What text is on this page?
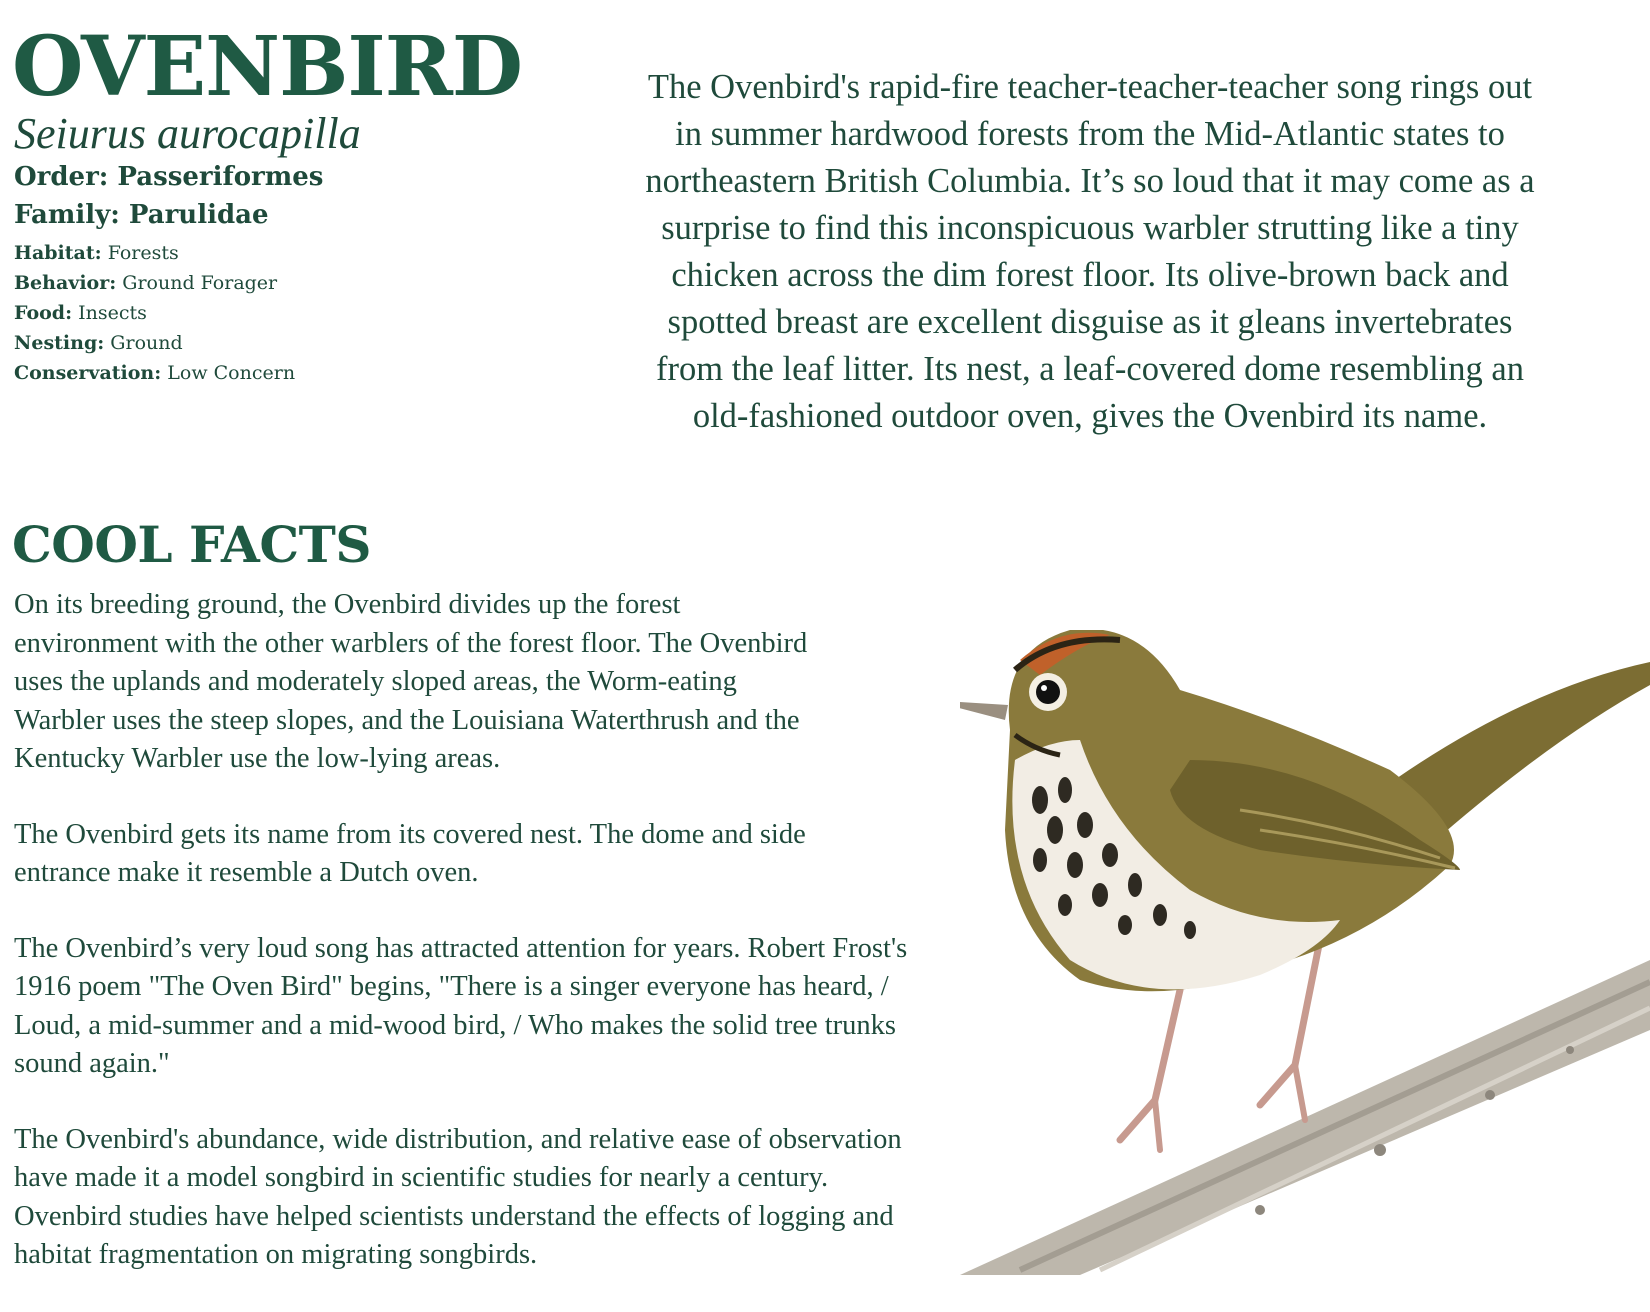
OVENBIRD
Seiurus aurocapilla
Order: Passeriformes
Family: Parulidae
Habitat: Forests
Behavior: Ground Forager
Food: Insects
Nesting: Ground
Conservation: Low Concern

The Ovenbird's rapid-fire teacher-teacher-teacher song rings out
in summer hardwood forests from the Mid-Atlantic states to
northeastern British Columbia. It’s so loud that it may come as a
surprise to find this inconspicuous warbler strutting like a tiny
chicken across the dim forest floor. Its olive-brown back and
spotted breast are excellent disguise as it gleans invertebrates
from the leaf litter. Its nest, a leaf-covered dome resembling an
old-fashioned outdoor oven, gives the Ovenbird its name.

COOL FACTS

On its breeding ground, the Ovenbird divides up the forest
environment with the other warblers of the forest floor. The Ovenbird
uses the uplands and moderately sloped areas, the Worm-eating
Warbler uses the steep slopes, and the Louisiana Waterthrush and the
Kentucky Warbler use the low-lying areas.

The Ovenbird gets its name from its covered nest. The dome and side
entrance make it resemble a Dutch oven.

The Ovenbird’s very loud song has attracted attention for years. Robert Frost's
1916 poem "The Oven Bird" begins, "There is a singer everyone has heard, /
Loud, a mid-summer and a mid-wood bird, / Who makes the solid tree trunks
sound again."

The Ovenbird's abundance, wide distribution, and relative ease of observation
have made it a model songbird in scientific studies for nearly a century.
Ovenbird studies have helped scientists understand the effects of logging and
habitat fragmentation on migrating songbirds.
